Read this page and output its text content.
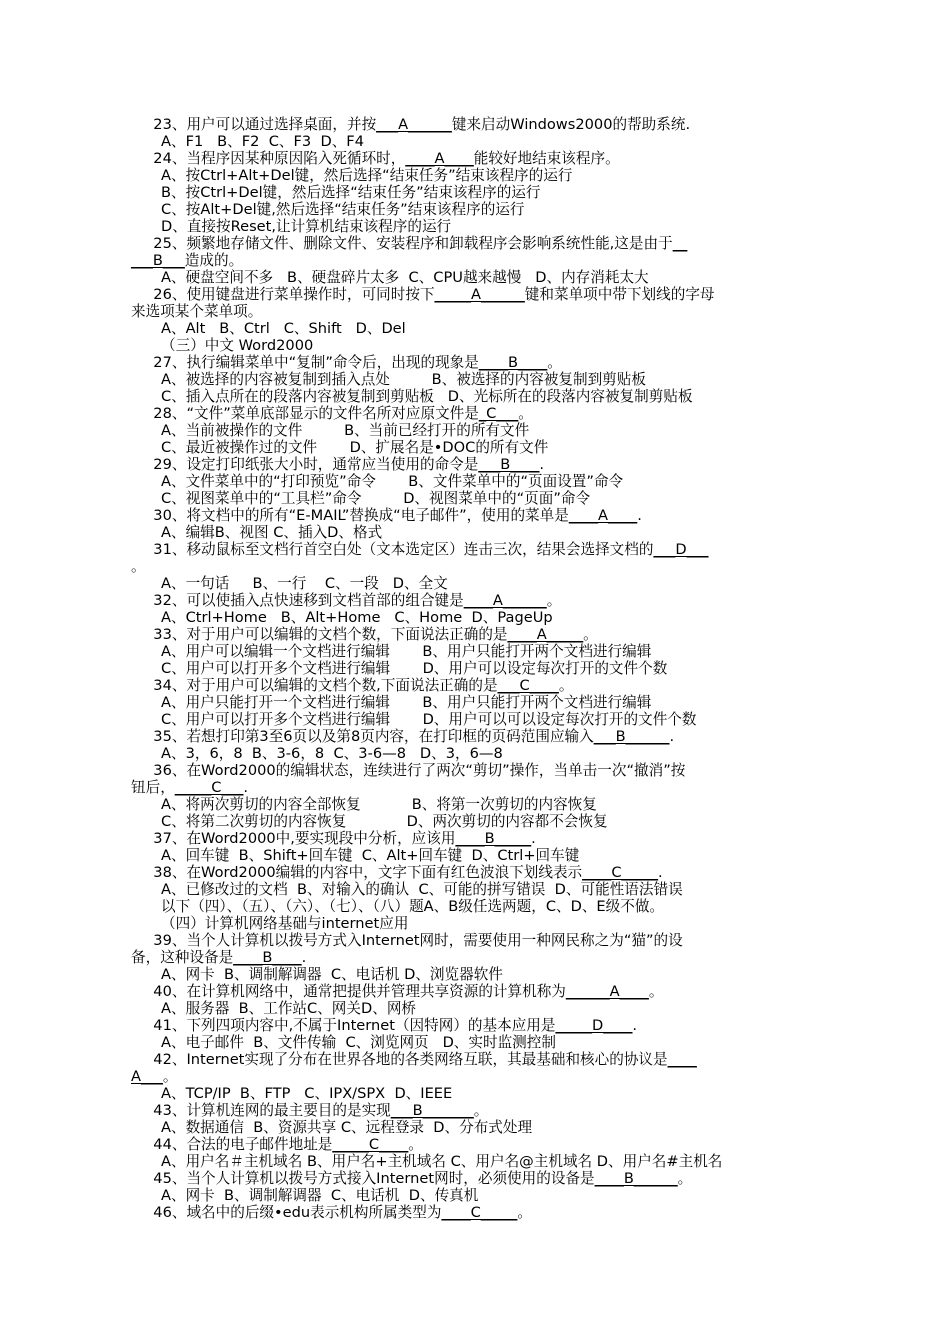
23、用户可以通过选择桌面，并按___A______键来启动Windows2000的帮助系统.
A、F1   B、F2  C、F3  D、F4
24、当程序因某种原因陷入死循环时，____A____能较好地结束该程序。
A、按Ctrl+Alt+Del键，然后选择“结束任务”结束该程序的运行
B、按Ctrl+Del键，然后选择“结束任务”结束该程序的运行
C、按Alt+Del键,然后选择“结束任务”结束该程序的运行
D、直接按Reset,让计算机结束该程序的运行
25、频繁地存储文件、删除文件、安装程序和卸载程序会影响系统性能,这是由于__
___B___造成的。
A、硬盘空间不多   B、硬盘碎片太多  C、CPU越来越慢   D、内存消耗太大
26、使用键盘进行菜单操作时，可同时按下_____A______键和菜单项中带下划线的字母
来选项某个菜单项。
A、Alt   B、Ctrl   C、Shift   D、Del
（三）中文 Word2000
27、执行编辑菜单中“复制”命令后，出现的现象是____B____。
A、被选择的内容被复制到插入点处         B、被选择的内容被复制到剪贴板
C、插入点所在的段落内容被复制到剪贴板   D、光标所在的段落内容被复制剪贴板
28、“文件”菜单底部显示的文件名所对应原文件是_C___。
A、当前被操作的文件         B、当前已经打开的所有文件
C、最近被操作过的文件       D、扩展名是•DOC的所有文件
29、设定打印纸张大小时，通常应当使用的命令是___B____.
A、文件菜单中的“打印预览”命令       B、文件菜单中的“页面设置”命令
C、视图菜单中的“工具栏”命令         D、视图菜单中的“页面”命令
30、将文档中的所有“E-MAIL”替换成“电子邮件”，使用的菜单是____A____.
A、编辑B、视图 C、插入D、格式
31、移动鼠标至文档行首空白处（文本选定区）连击三次，结果会选择文档的___D___
。
A、一句话     B、一行    C、一段   D、全文
32、可以使插入点快速移到文档首部的组合键是____A______。
A、Ctrl+Home   B、Alt+Home   C、Home  D、PageUp
33、对于用户可以编辑的文档个数，下面说法正确的是____A_____。
A、用户可以编辑一个文档进行编辑       B、用户只能打开两个文档进行编辑
C、用户可以打开多个文档进行编辑       D、用户可以设定每次打开的文件个数
34、对于用户可以编辑的文档个数,下面说法正确的是___C____。
A、用户只能打开一个文档进行编辑       B、用户只能打开两个文档进行编辑
C、用户可以打开多个文档进行编辑       D、用户可以可以设定每次打开的文件个数
35、若想打印第3至6页以及第8页内容，在打印框的页码范围应输入___B______.
A、3，6，8  B、3-6，8  C、3-6—8   D、3，6—8
36、在Word2000的编辑状态，连续进行了两次“剪切”操作，当单击一次“撤消”按
钮后，_____C___.
A、将两次剪切的内容全部恢复           B、将第一次剪切的内容恢复
C、将第二次剪切的内容恢复             D、两次剪切的内容都不会恢复
37、在Word2000中,要实现段中分析，应该用____B_____.
A、回车键  B、Shift+回车键  C、Alt+回车键  D、Ctrl+回车键
38、在Word2000编辑的内容中，文字下面有红色波浪下划线表示____C_____.
A、已修改过的文档  B、对输入的确认  C、可能的拼写错误  D、可能性语法错误
以下（四）、（五）、（六）、（七）、（八）题A、B级任选两题，C、D、E级不做。
（四）计算机网络基础与internet应用
39、当个人计算机以拨号方式入Internet网时，需要使用一种网民称之为“猫”的设
备，这种设备是____B____.
A、网卡  B、调制解调器  C、电话机 D、浏览器软件
40、在计算机网络中，通常把提供并管理共享资源的计算机称为______A____。
A、服务器  B、工作站C、网关D、网桥
41、下列四项内容中,不属于Internet（因特网）的基本应用是_____D____.
A、电子邮件  B、文件传输  C、浏览网页   D、实时监测控制
42、Internet实现了分布在世界各地的各类网络互联，其最基础和核心的协议是____
A___。
A、TCP/IP  B、FTP   C、IPX/SPX  D、IEEE
43、计算机连网的最主要目的是实现___B_______。
A、数据通信  B、资源共享 C、远程登录  D、分布式处理
44、合法的电子邮件地址是_____C____。
A、用户名＃主机域名 B、用户名+主机域名 C、用户名@主机域名 D、用户名#主机名
45、当个人计算机以拨号方式接入Internet网时，必须使用的设备是____B______。
A、网卡  B、调制解调器  C、电话机  D、传真机
46、域名中的后缀•edu表示机构所属类型为____C_____。
